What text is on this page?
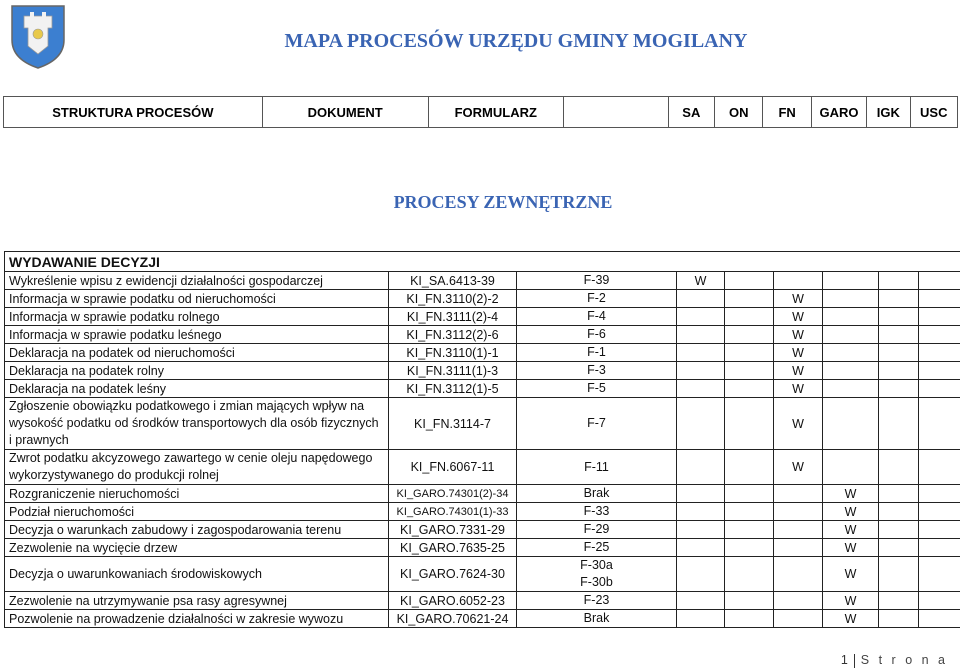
MAPA PROCESÓW URZĘDU GMINY MOGILANY
STRUKTURA PROCESÓW	DOKUMENT	FORMULARZ	SA	ON	FN	GARO	IGK	USC
PROCESY ZEWNĘTRZNE
WYDAWANIE DECYZJI								
Wykreślenie wpisu z ewidencji działalności gospodarczej	KI_SA.6413-39	F-39	W					
Informacja w sprawie podatku od nieruchomości	KI_FN.3110(2)-2	F-2			W			
Informacja w sprawie podatku rolnego	KI_FN.3111(2)-4	F-4			W			
Informacja w sprawie podatku leśnego	KI_FN.3112(2)-6	F-6			W			
Deklaracja na podatek od nieruchomości	KI_FN.3110(1)-1	F-1			W			
Deklaracja na podatek rolny	KI_FN.3111(1)-3	F-3			W			
Deklaracja na podatek leśny	KI_FN.3112(1)-5	F-5			W			
Zgłoszenie obowiązku podatkowego i zmian mających wpływ na wysokość podatku od środków transportowych dla osób fizycznych i prawnych	KI_FN.3114-7	F-7			W			
Zwrot podatku akcyzowego zawartego w cenie oleju napędowego wykorzystywanego do produkcji rolnej	KI_FN.6067-11	F-11			W			
Rozgraniczenie nieruchomości	KI_GARO.74301(2)-34	Brak				W		
Podział nieruchomości	KI_GARO.74301(1)-33	F-33				W		
Decyzja o warunkach zabudowy i zagospodarowania terenu	KI_GARO.7331-29	F-29				W		
Zezwolenie na wycięcie drzew	KI_GARO.7635-25	F-25				W		
Decyzja o uwarunkowaniach środowiskowych	KI_GARO.7624-30	F-30a
F-30b				W		
Zezwolenie na utrzymywanie psa rasy agresywnej	KI_GARO.6052-23	F-23				W		
Pozwolenie na prowadzenie działalności w zakresie wywozu	KI_GARO.70621-24	Brak				W		
1 S t r o n a
